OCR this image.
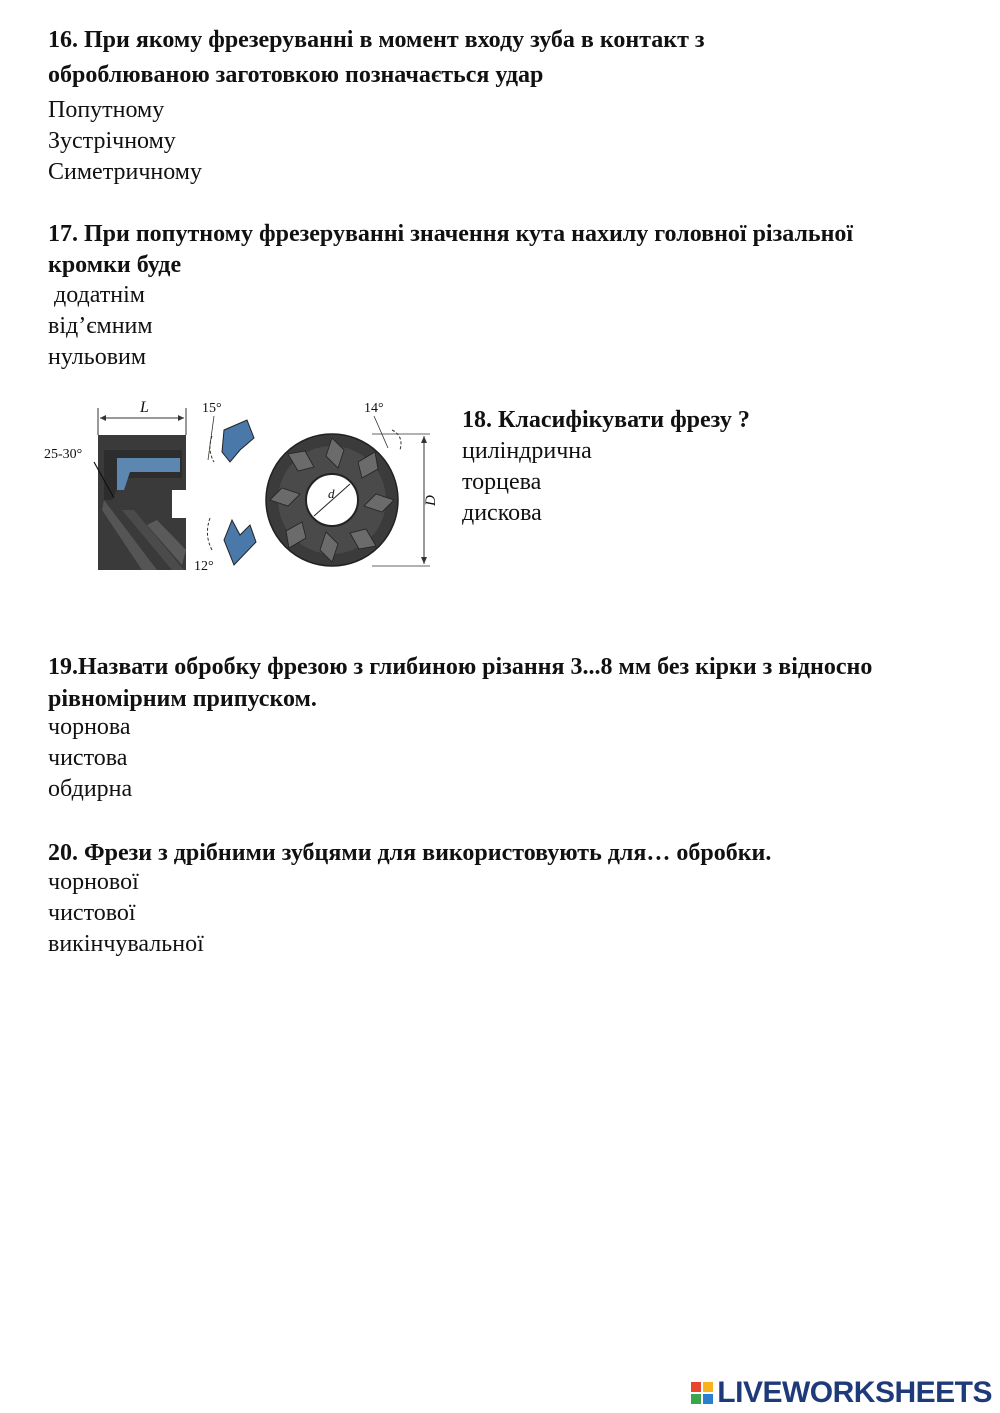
16. При якому фрезеруванні в момент входу зуба в контакт з
оброблюваною заготовкою позначається удар
Попутному
Зустрічному
Симетричному
17. При попутному фрезеруванні значення кута нахилу головної різальної
кромки буде
додатнім
від’ємним
нульовим
L
25-30°
15°
12°
d	D
14°	18. Класифікувати фрезу ?
циліндрична
торцева
дискова
19.Назвати обробку фрезою з глибиною різання 3...8 мм без кірки з відносно
рівномірним припуском.
чорнова
чистова
обдирна
20. Фрези з дрібними зубцями для використовують для… обробки.
чорнової
чистової
викінчувальної
LIVEWORKSHEETS
